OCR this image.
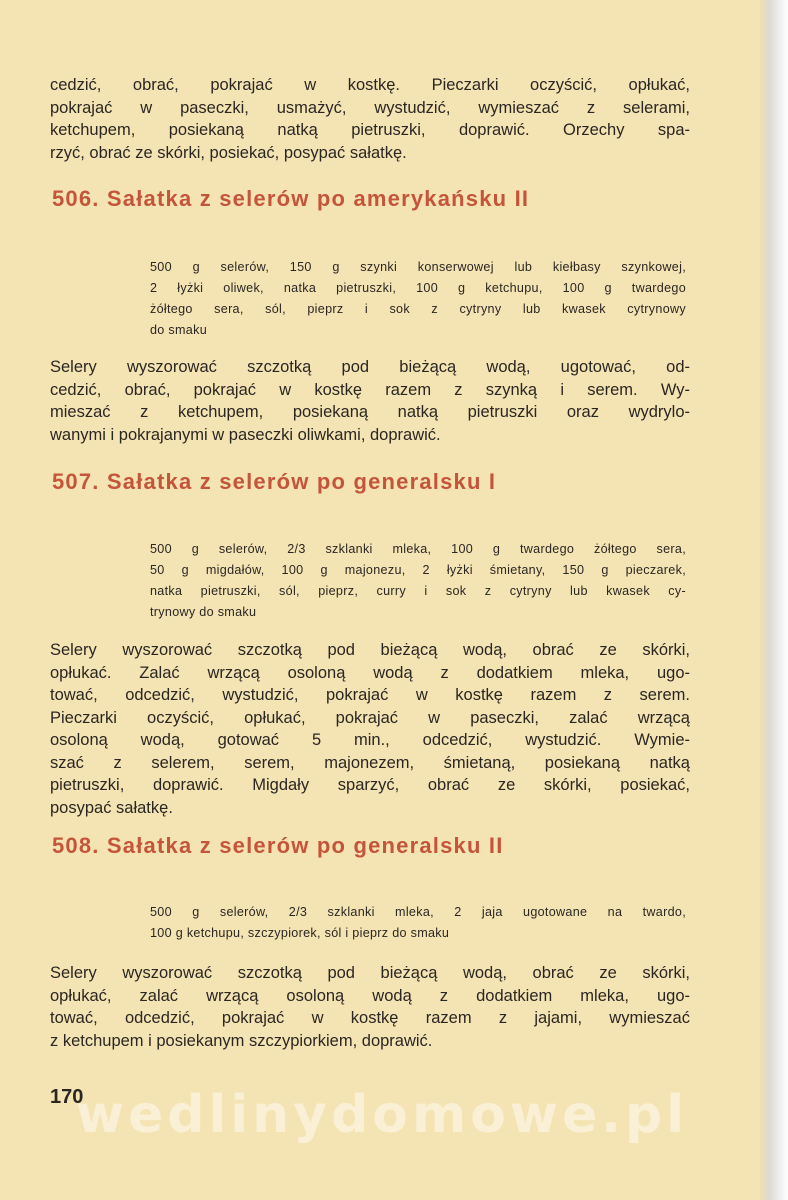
cedzić, obrać, pokrajać w kostkę. Pieczarki oczyścić, opłukać,
pokrajać w paseczki, usmażyć, wystudzić, wymieszać z selerami,
ketchupem, posiekaną natką pietruszki, doprawić. Orzechy spa-
rzyć, obrać ze skórki, posiekać, posypać sałatkę.

506. Sałatka z selerów po amerykańsku II

500 g selerów, 150 g szynki konserwowej lub kiełbasy szynkowej,
2 łyżki oliwek, natka pietruszki, 100 g ketchupu, 100 g twardego
żółtego sera, sól, pieprz i sok z cytryny lub kwasek cytrynowy
do smaku

Selery wyszorować szczotką pod bieżącą wodą, ugotować, od-
cedzić, obrać, pokrajać w kostkę razem z szynką i serem. Wy-
mieszać z ketchupem, posiekaną natką pietruszki oraz wydrylo-
wanymi i pokrajanymi w paseczki oliwkami, doprawić.

507. Sałatka z selerów po generalsku I

500 g selerów, 2/3 szklanki mleka, 100 g twardego żółtego sera,
50 g migdałów, 100 g majonezu, 2 łyżki śmietany, 150 g pieczarek,
natka pietruszki, sól, pieprz, curry i sok z cytryny lub kwasek cy-
trynowy do smaku

Selery wyszorować szczotką pod bieżącą wodą, obrać ze skórki,
opłukać. Zalać wrzącą osoloną wodą z dodatkiem mleka, ugo-
tować, odcedzić, wystudzić, pokrajać w kostkę razem z serem.
Pieczarki oczyścić, opłukać, pokrajać w paseczki, zalać wrzącą
osoloną wodą, gotować 5 min., odcedzić, wystudzić. Wymie-
szać z selerem, serem, majonezem, śmietaną, posiekaną natką
pietruszki, doprawić. Migdały sparzyć, obrać ze skórki, posiekać,
posypać sałatkę.

508. Sałatka z selerów po generalsku II

500 g selerów, 2/3 szklanki mleka, 2 jaja ugotowane na twardo,
100 g ketchupu, szczypiorek, sól i pieprz do smaku

Selery wyszorować szczotką pod bieżącą wodą, obrać ze skórki,
opłukać, zalać wrzącą osoloną wodą z dodatkiem mleka, ugo-
tować, odcedzić, pokrajać w kostkę razem z jajami, wymieszać
z ketchupem i posiekanym szczypiorkiem, doprawić.

wedlinydomowe.pl

170
